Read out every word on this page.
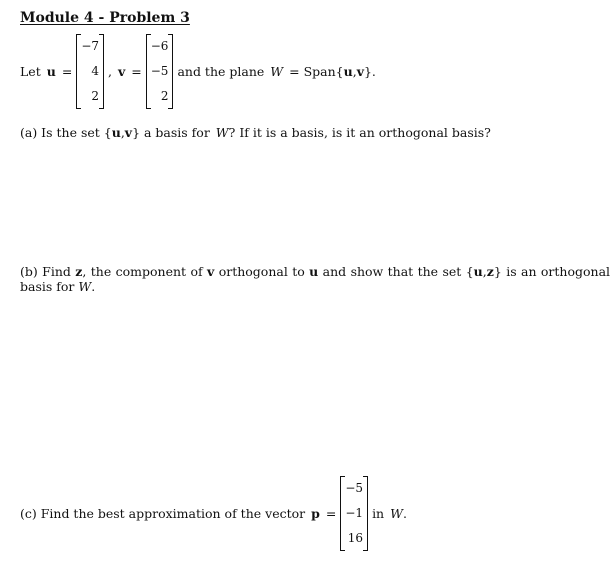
Module 4 - Problem 3
Let u =
−7
4
2
, v =
−6
−5
2
and the plane W = Span{ u , v }.
(a) Is the set { u , v } a basis for W ? If it is a basis, is it an orthogonal basis?
(b) Find z, the component of v orthogonal to u and show that the set {u,z} is an orthogonal basis for W.
(c) Find the best approximation of the vector p =
−5
−1
16
in W .
